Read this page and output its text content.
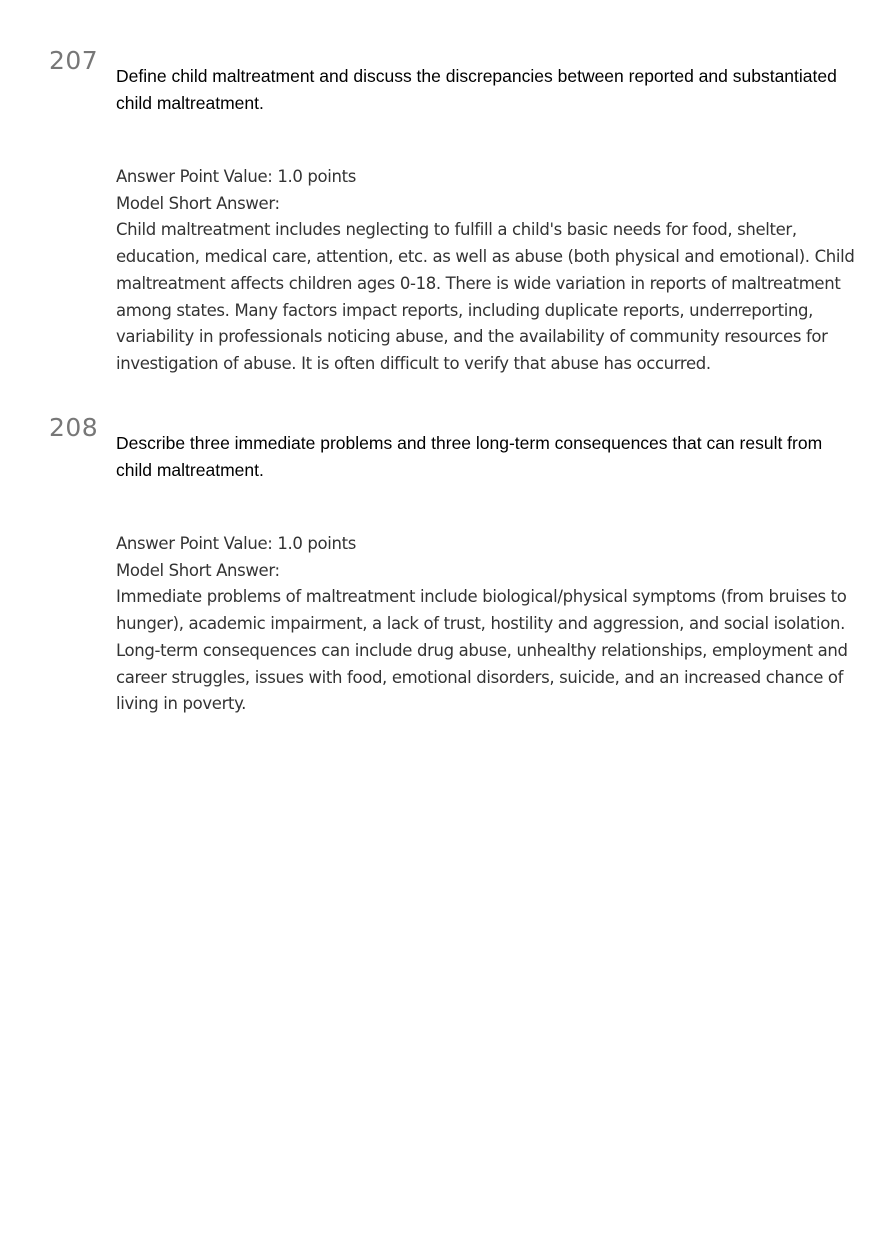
207
Define child maltreatment and discuss the discrepancies between reported and substantiated child maltreatment.
Answer Point Value: 1.0 points
Model Short Answer:
Child maltreatment includes neglecting to fulfill a child's basic needs for food, shelter, education, medical care, attention, etc. as well as abuse (both physical and emotional). Child maltreatment affects children ages 0-18. There is wide variation in reports of maltreatment among states. Many factors impact reports, including duplicate reports, underreporting, variability in professionals noticing abuse, and the availability of community resources for investigation of abuse. It is often difficult to verify that abuse has occurred.
208
Describe three immediate problems and three long-term consequences that can result from child maltreatment.
Answer Point Value: 1.0 points
Model Short Answer:
Immediate problems of maltreatment include biological/physical symptoms (from bruises to hunger), academic impairment, a lack of trust, hostility and aggression, and social isolation. Long-term consequences can include drug abuse, unhealthy relationships, employment and career struggles, issues with food, emotional disorders, suicide, and an increased chance of living in poverty.
